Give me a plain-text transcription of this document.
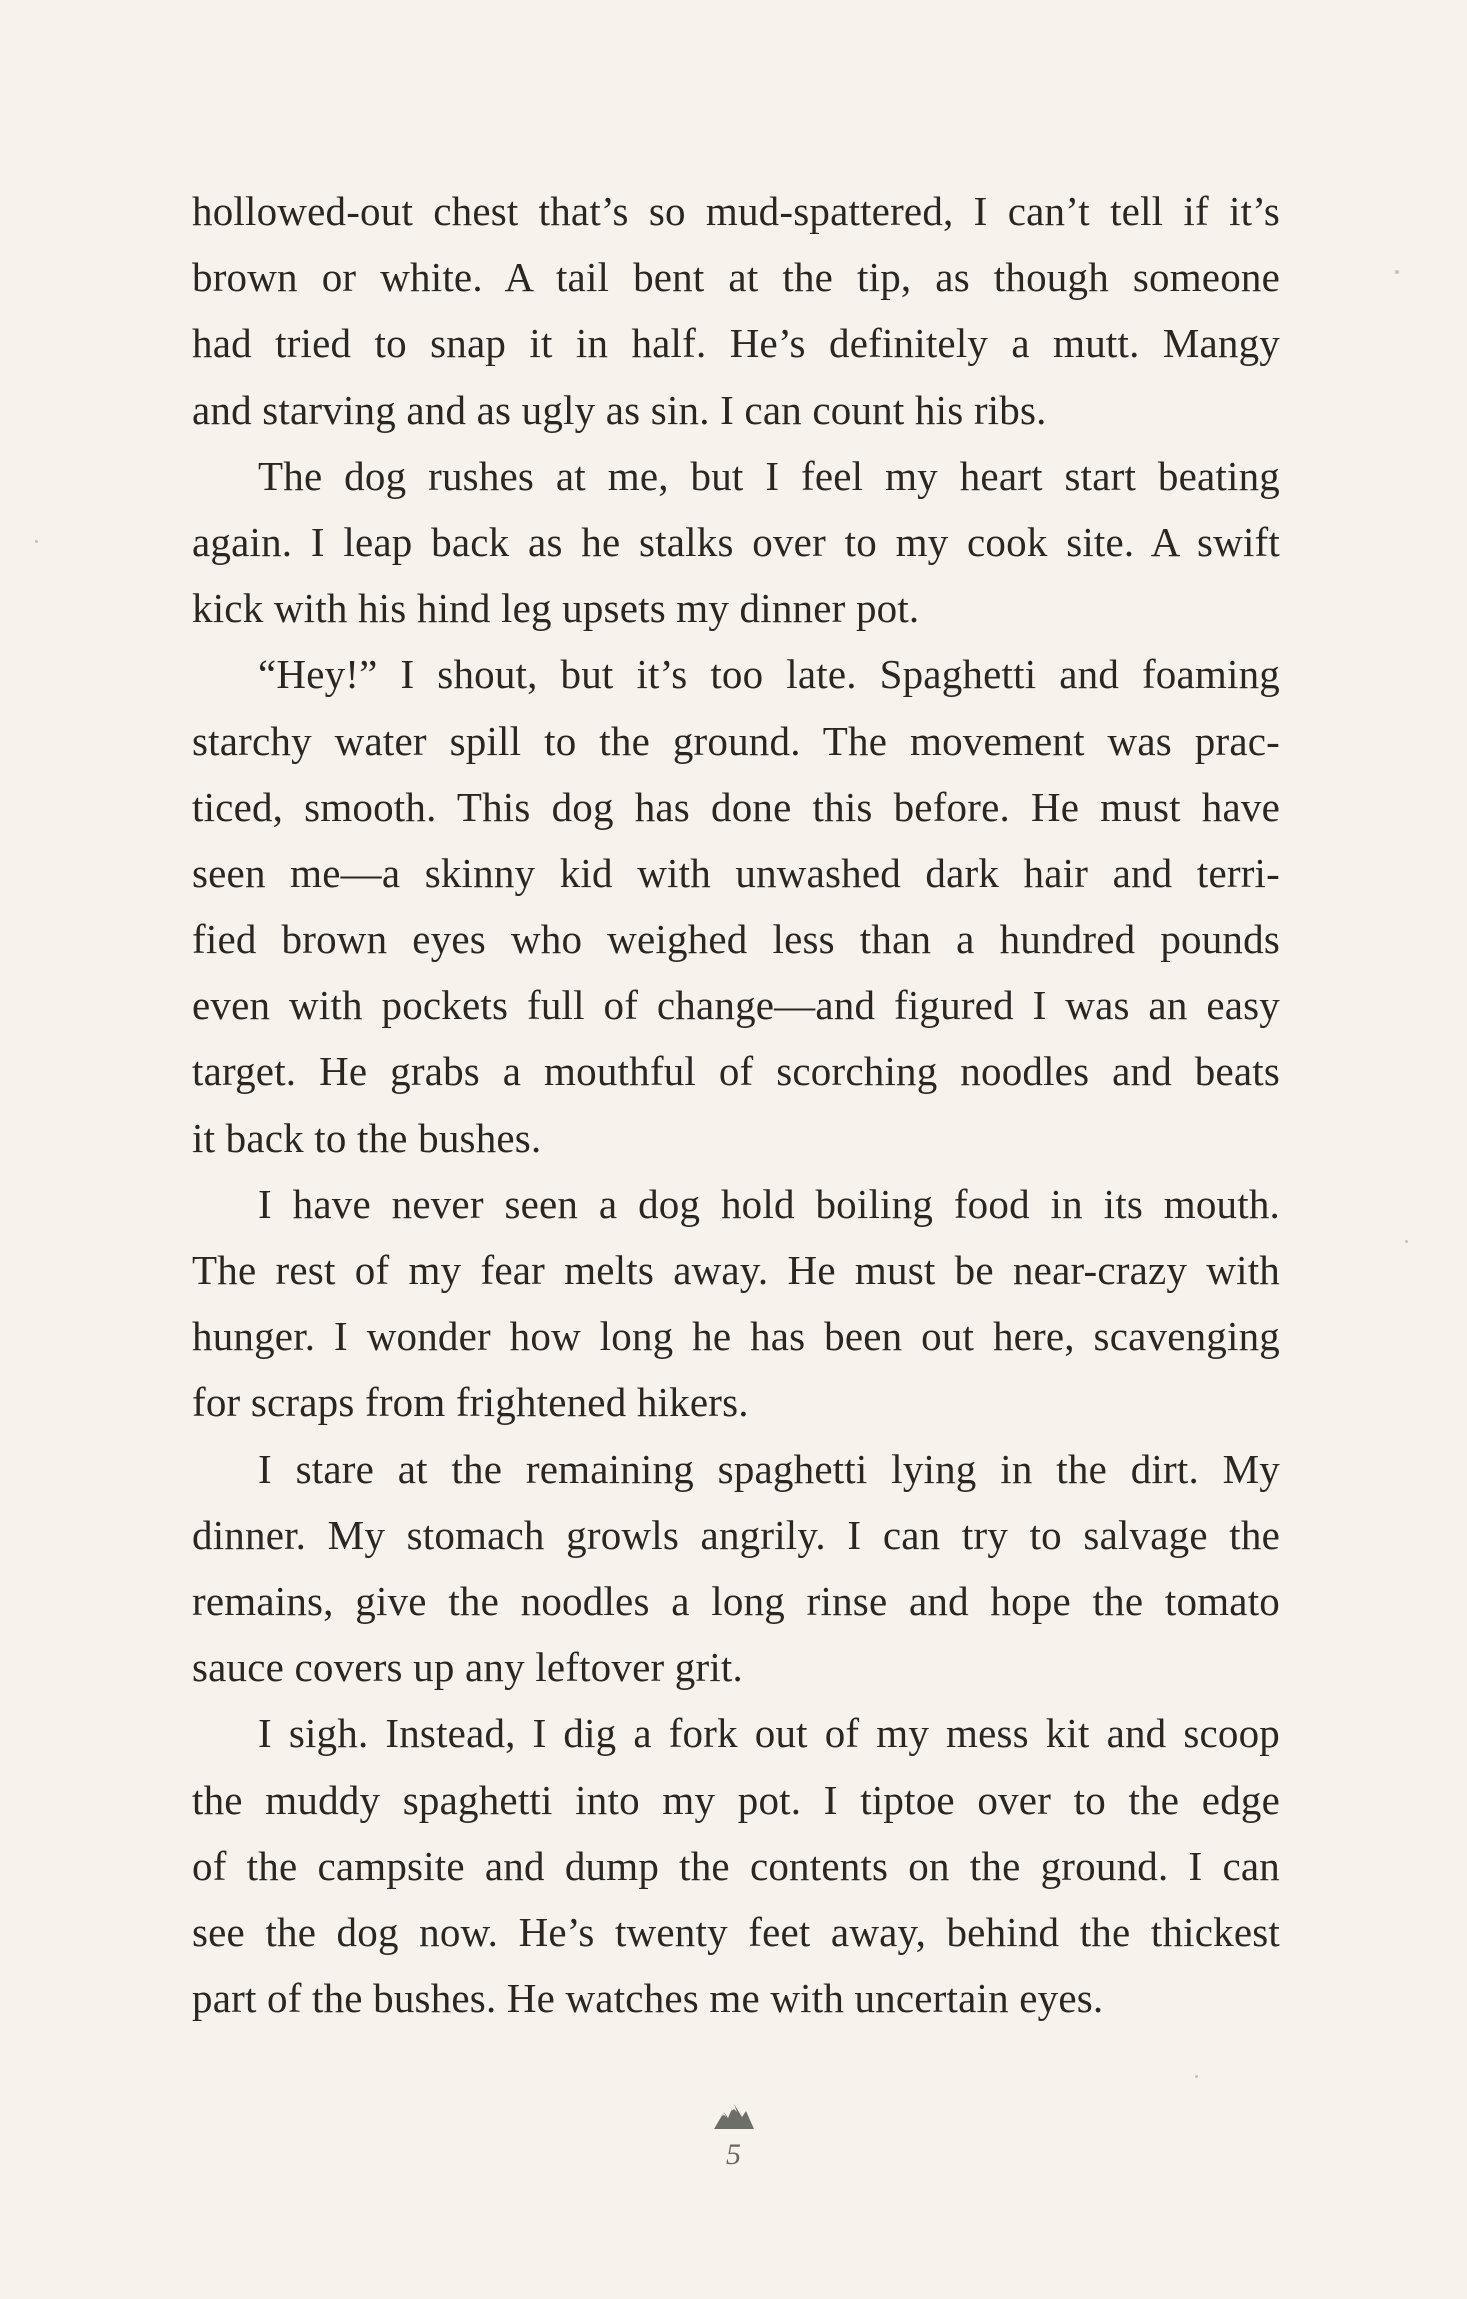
hollowed-out chest that’s so mud-spattered, I can’t tell if it’s
brown or white. A tail bent at the tip, as though someone
had tried to snap it in half. He’s definitely a mutt. Mangy
and starving and as ugly as sin. I can count his ribs.
The dog rushes at me, but I feel my heart start beating
again. I leap back as he stalks over to my cook site. A swift
kick with his hind leg upsets my dinner pot.
“Hey!” I shout, but it’s too late. Spaghetti and foaming
starchy water spill to the ground. The movement was prac-
ticed, smooth. This dog has done this before. He must have
seen me—a skinny kid with unwashed dark hair and terri-
fied brown eyes who weighed less than a hundred pounds
even with pockets full of change—and figured I was an easy
target. He grabs a mouthful of scorching noodles and beats
it back to the bushes.
I have never seen a dog hold boiling food in its mouth.
The rest of my fear melts away. He must be near-crazy with
hunger. I wonder how long he has been out here, scavenging
for scraps from frightened hikers.
I stare at the remaining spaghetti lying in the dirt. My
dinner. My stomach growls angrily. I can try to salvage the
remains, give the noodles a long rinse and hope the tomato
sauce covers up any leftover grit.
I sigh. Instead, I dig a fork out of my mess kit and scoop
the muddy spaghetti into my pot. I tiptoe over to the edge
of the campsite and dump the contents on the ground. I can
see the dog now. He’s twenty feet away, behind the thickest
part of the bushes. He watches me with uncertain eyes.
5
